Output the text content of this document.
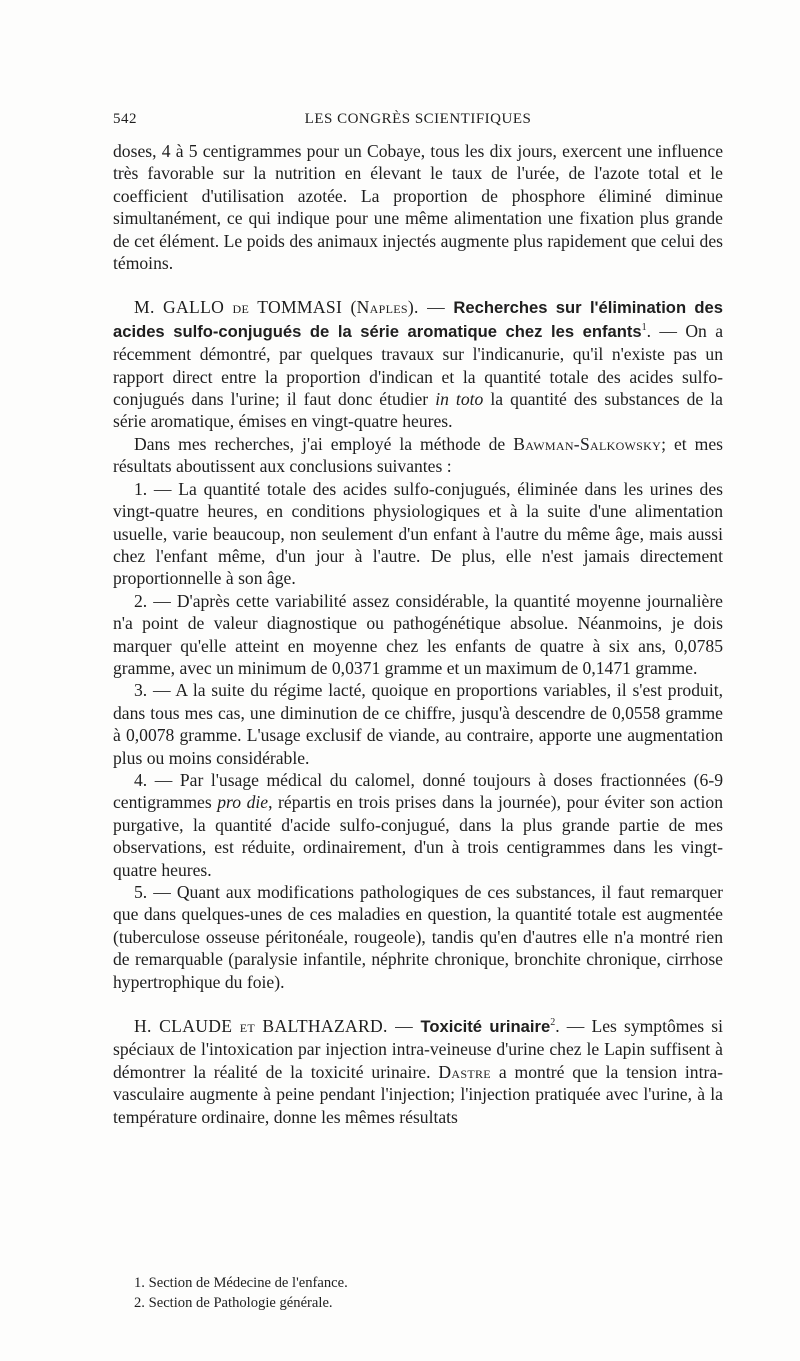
542	LES CONGRÈS SCIENTIFIQUES

doses, 4 à 5 centigrammes pour un Cobaye, tous les dix jours, exercent une influence très favorable sur la nutrition en élevant le taux de l'urée, de l'azote total et le coefficient d'utilisation azotée. La proportion de phosphore éliminé diminue simultanément, ce qui indique pour une même alimentation une fixation plus grande de cet élément. Le poids des animaux injectés augmente plus rapidement que celui des témoins.

M. GALLO de TOMMASI (Naples). — Recherches sur l'élimination des acides sulfo-conjugués de la série aromatique chez les enfants$^1$. — On a récemment démontré, par quelques travaux sur l'indicanurie, qu'il n'existe pas un rapport direct entre la proportion d'indican et la quantité totale des acides sulfo-conjugués dans l'urine; il faut donc étudier in toto la quantité des substances de la série aromatique, émises en vingt-quatre heures.

Dans mes recherches, j'ai employé la méthode de Bawman-Salkowsky; et mes résultats aboutissent aux conclusions suivantes :

1. — La quantité totale des acides sulfo-conjugués, éliminée dans les urines des vingt-quatre heures, en conditions physiologiques et à la suite d'une alimentation usuelle, varie beaucoup, non seulement d'un enfant à l'autre du même âge, mais aussi chez l'enfant même, d'un jour à l'autre. De plus, elle n'est jamais directement proportionnelle à son âge.

2. — D'après cette variabilité assez considérable, la quantité moyenne journalière n'a point de valeur diagnostique ou pathogénétique absolue. Néanmoins, je dois marquer qu'elle atteint en moyenne chez les enfants de quatre à six ans, 0,0785 gramme, avec un minimum de 0,0371 gramme et un maximum de 0,1471 gramme.

3. — A la suite du régime lacté, quoique en proportions variables, il s'est produit, dans tous mes cas, une diminution de ce chiffre, jusqu'à descendre de 0,0558 gramme à 0,0078 gramme. L'usage exclusif de viande, au contraire, apporte une augmentation plus ou moins considérable.

4. — Par l'usage médical du calomel, donné toujours à doses fractionnées (6-9 centigrammes pro die, répartis en trois prises dans la journée), pour éviter son action purgative, la quantité d'acide sulfo-conjugué, dans la plus grande partie de mes observations, est réduite, ordinairement, d'un à trois centigrammes dans les vingt-quatre heures.

5. — Quant aux modifications pathologiques de ces substances, il faut remarquer que dans quelques-unes de ces maladies en question, la quantité totale est augmentée (tuberculose osseuse péritonéale, rougeole), tandis qu'en d'autres elle n'a montré rien de remarquable (paralysie infantile, néphrite chronique, bronchite chronique, cirrhose hypertrophique du foie).

H. CLAUDE et BALTHAZARD. — Toxicité urinaire$^2$. — Les symptômes si spéciaux de l'intoxication par injection intra-veineuse d'urine chez le Lapin suffisent à démontrer la réalité de la toxicité urinaire. Dastre a montré que la tension intra-vasculaire augmente à peine pendant l'injection; l'injection pratiquée avec l'urine, à la température ordinaire, donne les mêmes résultats

1. Section de Médecine de l'enfance.
2. Section de Pathologie générale.
